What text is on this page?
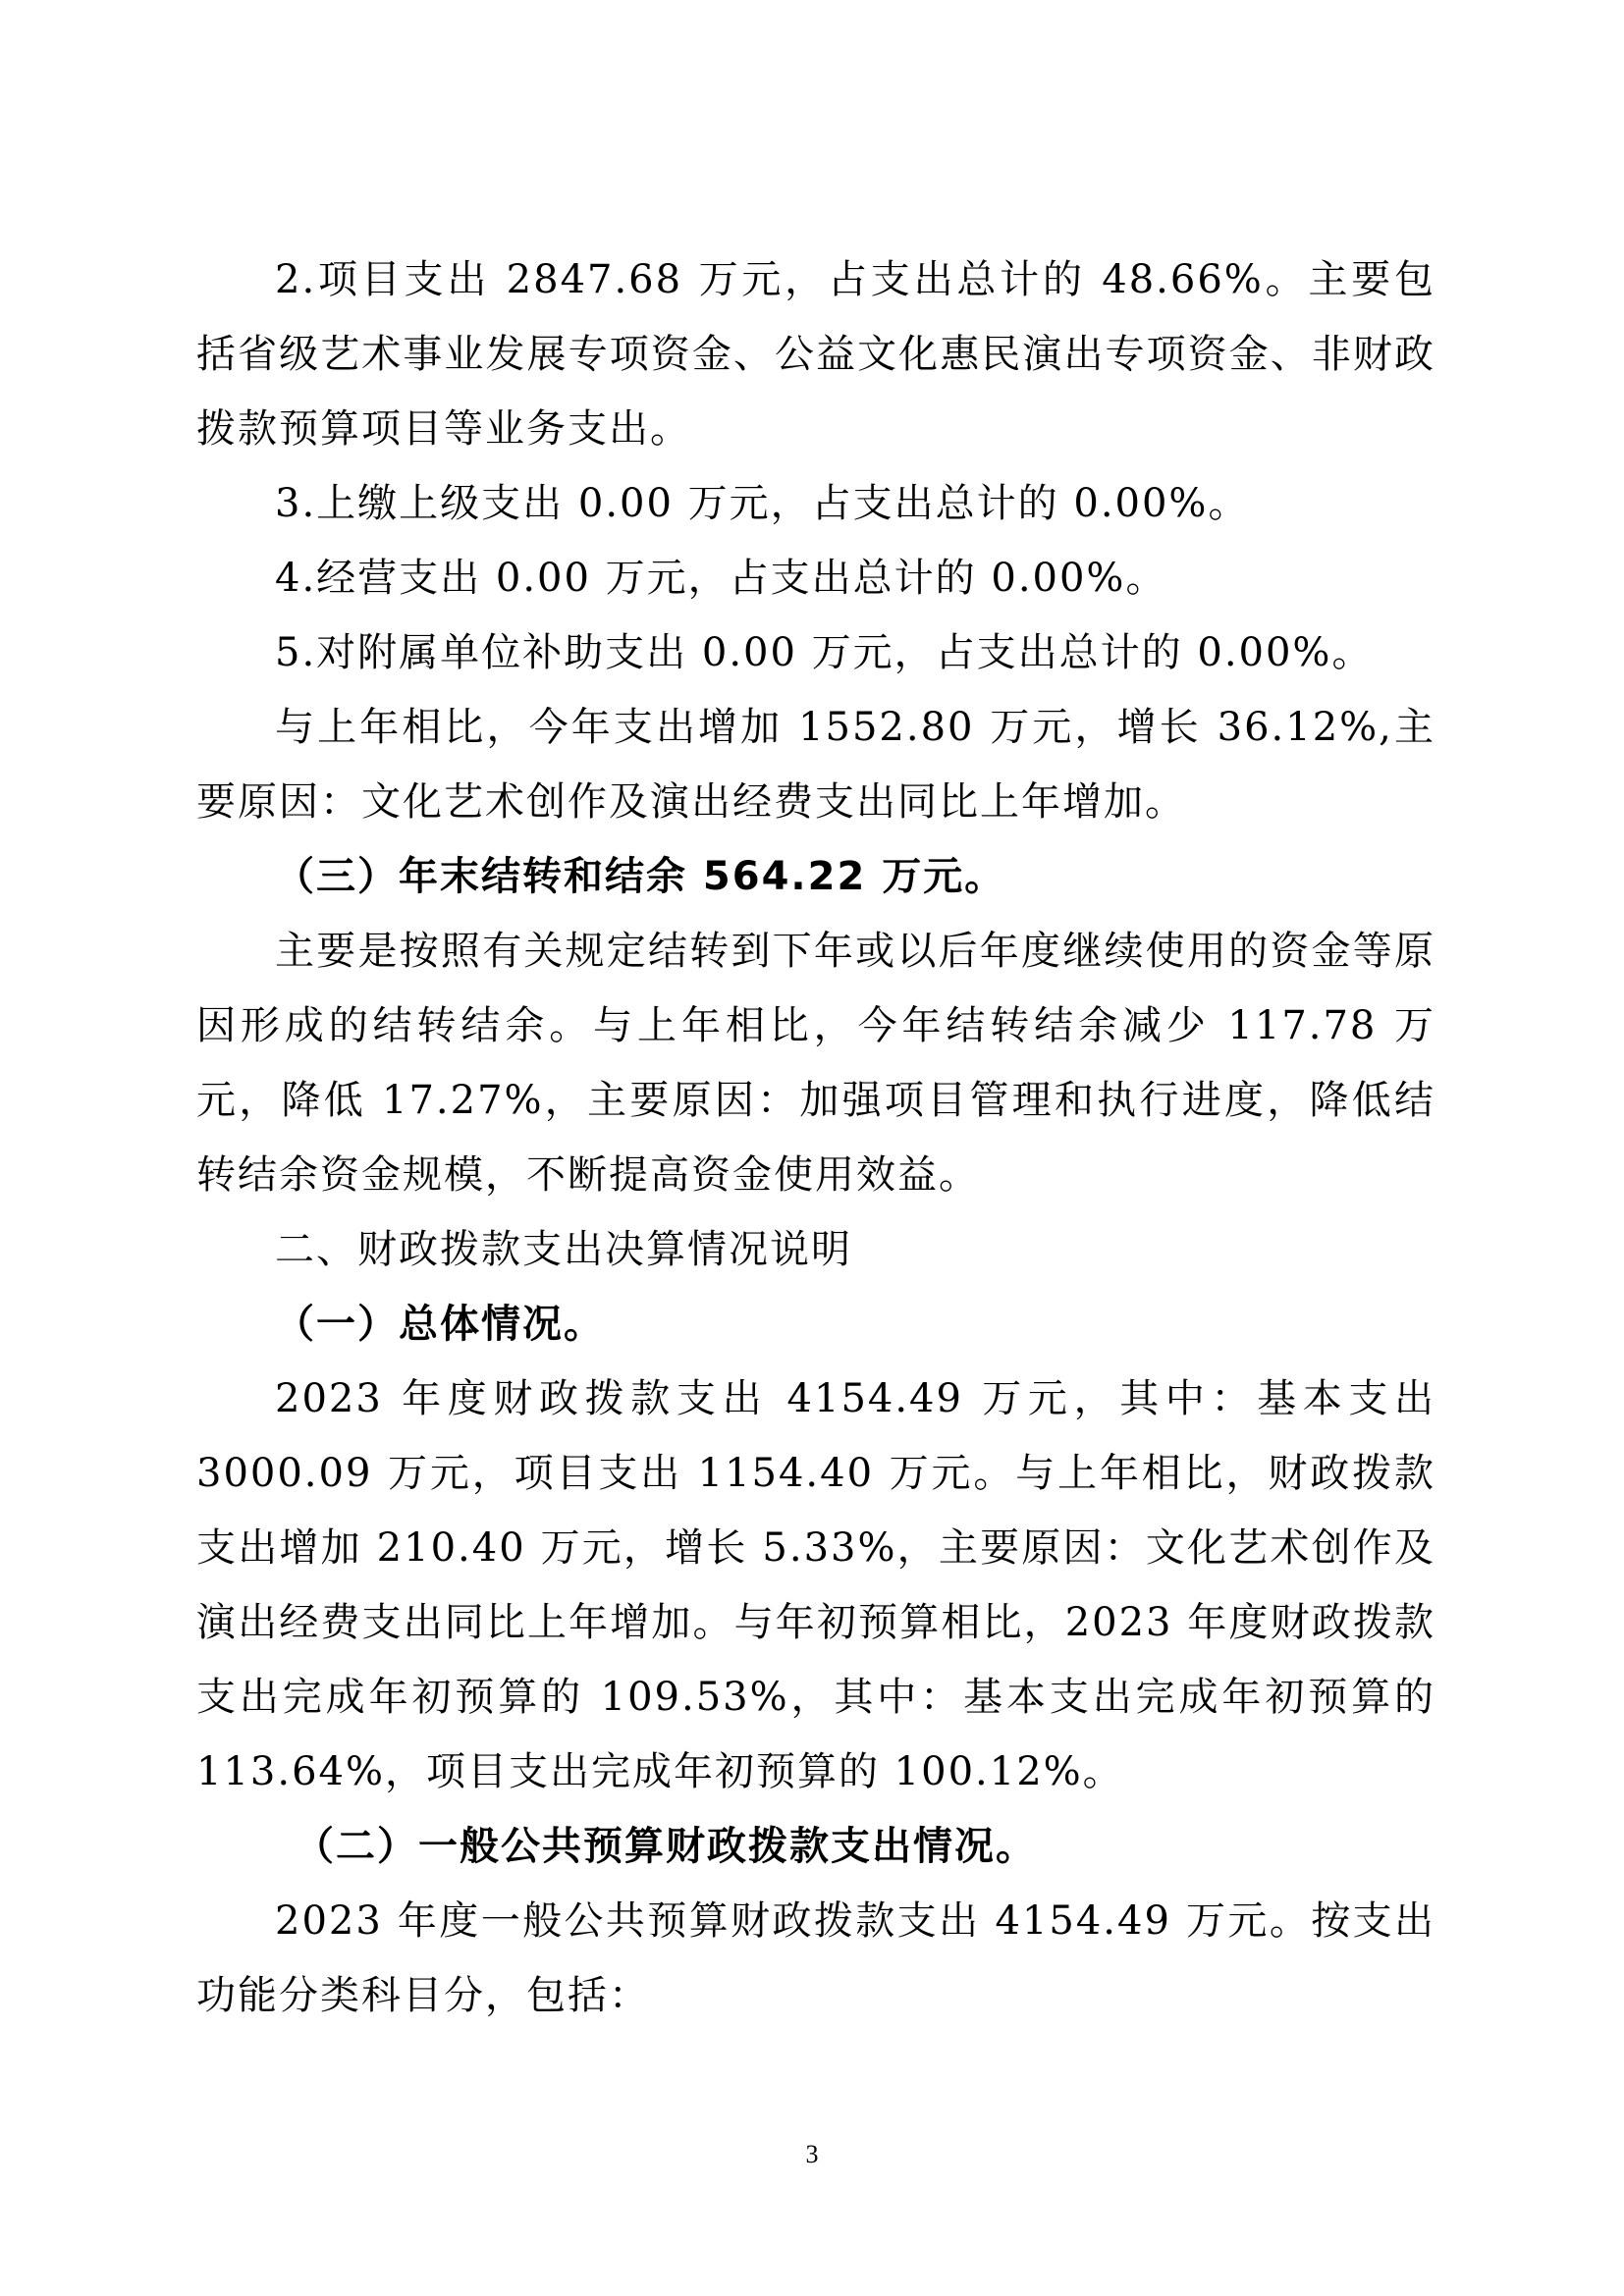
2.项目支出 2847.68 万元，占支出总计的 48.66%。主要包括省级艺术事业发展专项资金、公益文化惠民演出专项资金、非财政拨款预算项目等业务支出。

3.上缴上级支出 0.00 万元，占支出总计的 0.00%。

4.经营支出 0.00 万元，占支出总计的 0.00%。

5.对附属单位补助支出 0.00 万元，占支出总计的 0.00%。

与上年相比，今年支出增加 1552.80 万元，增长 36.12%,主要原因：文化艺术创作及演出经费支出同比上年增加。

（三）年末结转和结余 564.22 万元。

主要是按照有关规定结转到下年或以后年度继续使用的资金等原因形成的结转结余。与上年相比，今年结转结余减少 117.78 万元，降低 17.27%，主要原因：加强项目管理和执行进度，降低结转结余资金规模，不断提高资金使用效益。

二、财政拨款支出决算情况说明

（一）总体情况。

2023 年度财政拨款支出 4154.49 万元，其中：基本支出 3000.09 万元，项目支出 1154.40 万元。与上年相比，财政拨款支出增加 210.40 万元，增长 5.33%，主要原因：文化艺术创作及演出经费支出同比上年增加。与年初预算相比，2023 年度财政拨款支出完成年初预算的 109.53%，其中：基本支出完成年初预算的 113.64%，项目支出完成年初预算的 100.12%。

（二）一般公共预算财政拨款支出情况。

2023 年度一般公共预算财政拨款支出 4154.49 万元。按支出功能分类科目分，包括：

3
